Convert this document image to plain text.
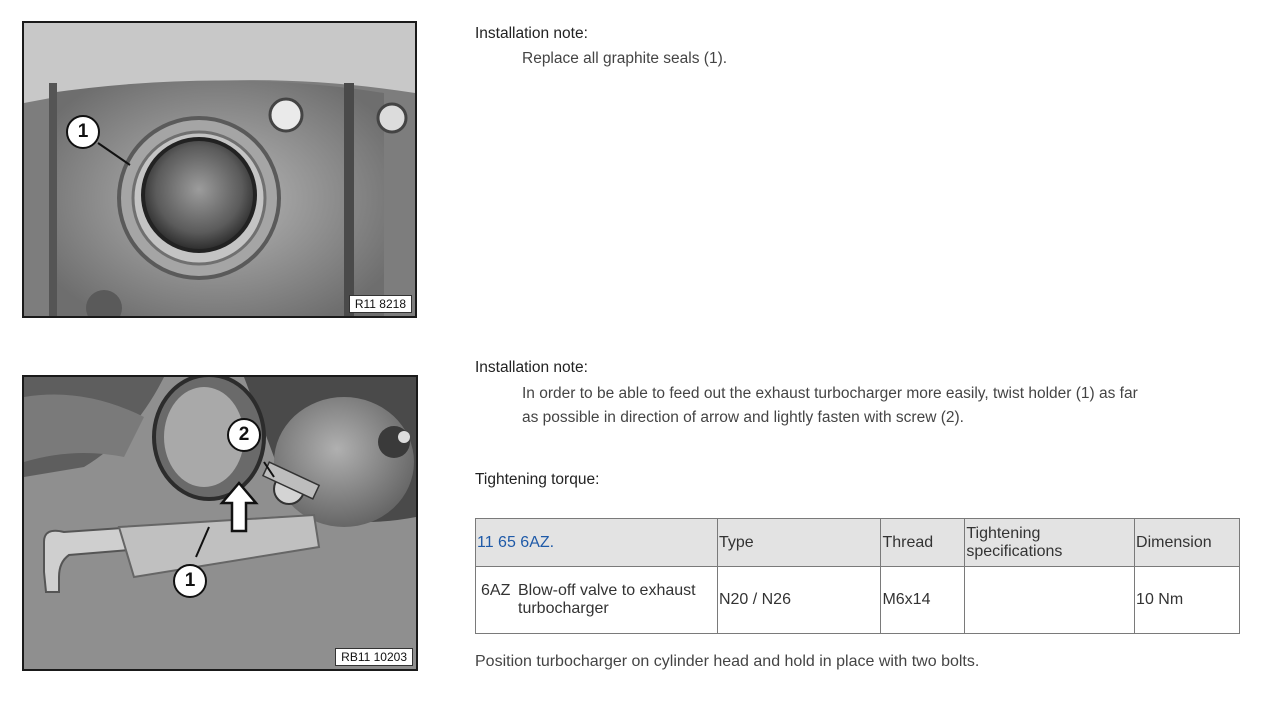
1
R11 8218
2
1
RB11 10203
Installation note:
Replace all graphite seals (1).
Installation note:
In order to be able to feed out the exhaust turbocharger more easily, twist holder (1) as far
as possible in direction of arrow and lightly fasten with screw (2).
Tightening torque:
11 65 6AZ.	Type	Thread	Tightening specifications	Dimension

6AZ Blow-off valve to exhaust turbocharger	N20 / N26	M6x14		10 Nm
Position turbocharger on cylinder head and hold in place with two bolts.
